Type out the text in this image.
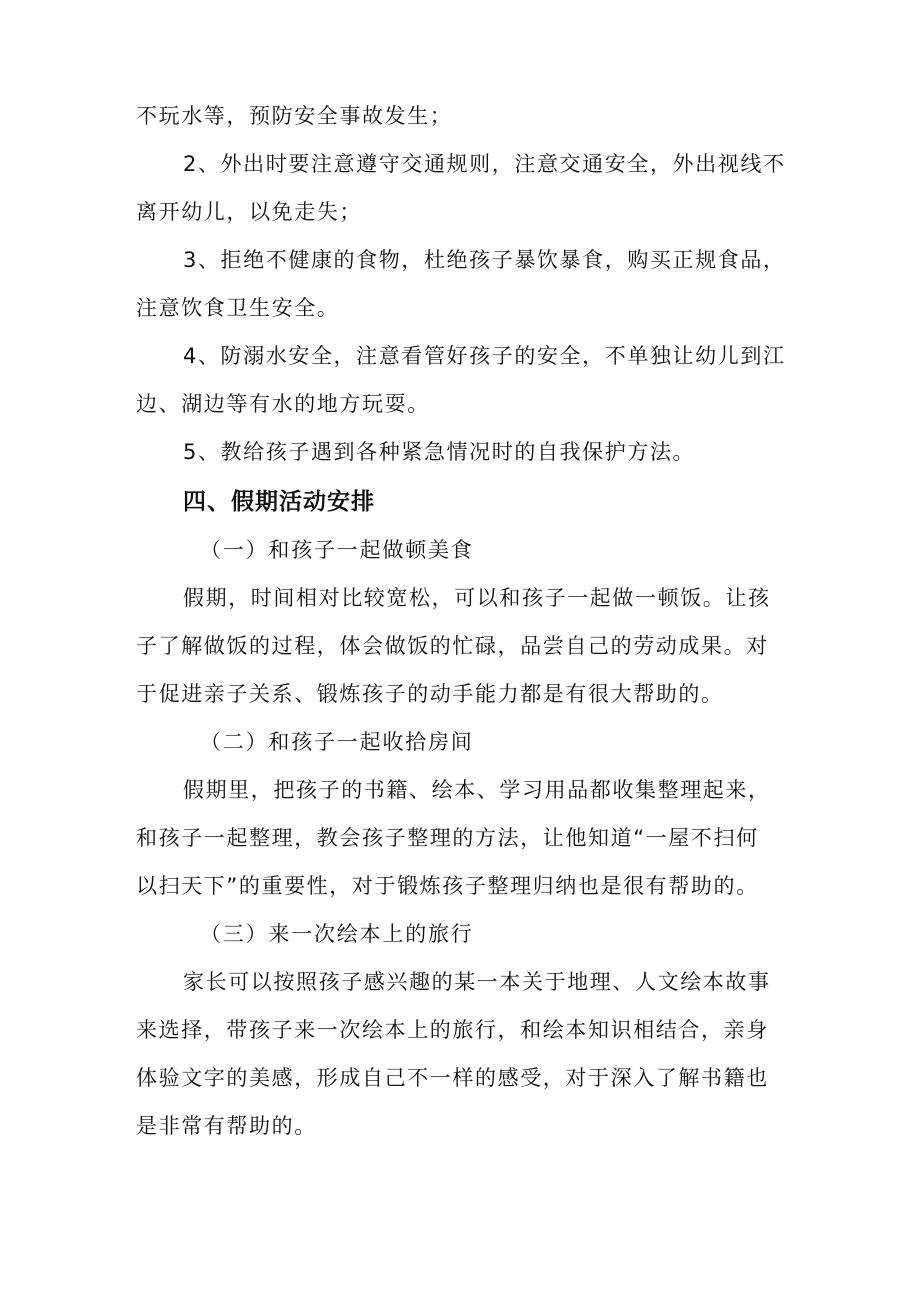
不玩水等，预防安全事故发生；
2、外出时要注意遵守交通规则，注意交通安全，外出视线不
离开幼儿，以免走失；
3、拒绝不健康的食物，杜绝孩子暴饮暴食，购买正规食品，
注意饮食卫生安全。
4、防溺水安全，注意看管好孩子的安全，不单独让幼儿到江
边、湖边等有水的地方玩耍。
5、教给孩子遇到各种紧急情况时的自我保护方法。
四、假期活动安排
（一）和孩子一起做顿美食
假期，时间相对比较宽松，可以和孩子一起做一顿饭。让孩
子了解做饭的过程，体会做饭的忙碌，品尝自己的劳动成果。对
于促进亲子关系、锻炼孩子的动手能力都是有很大帮助的。
（二）和孩子一起收拾房间
假期里，把孩子的书籍、绘本、学习用品都收集整理起来，
和孩子一起整理，教会孩子整理的方法，让他知道“一屋不扫何
以扫天下”的重要性，对于锻炼孩子整理归纳也是很有帮助的。
（三）来一次绘本上的旅行
家长可以按照孩子感兴趣的某一本关于地理、人文绘本故事
来选择，带孩子来一次绘本上的旅行，和绘本知识相结合，亲身
体验文字的美感，形成自己不一样的感受，对于深入了解书籍也
是非常有帮助的。
